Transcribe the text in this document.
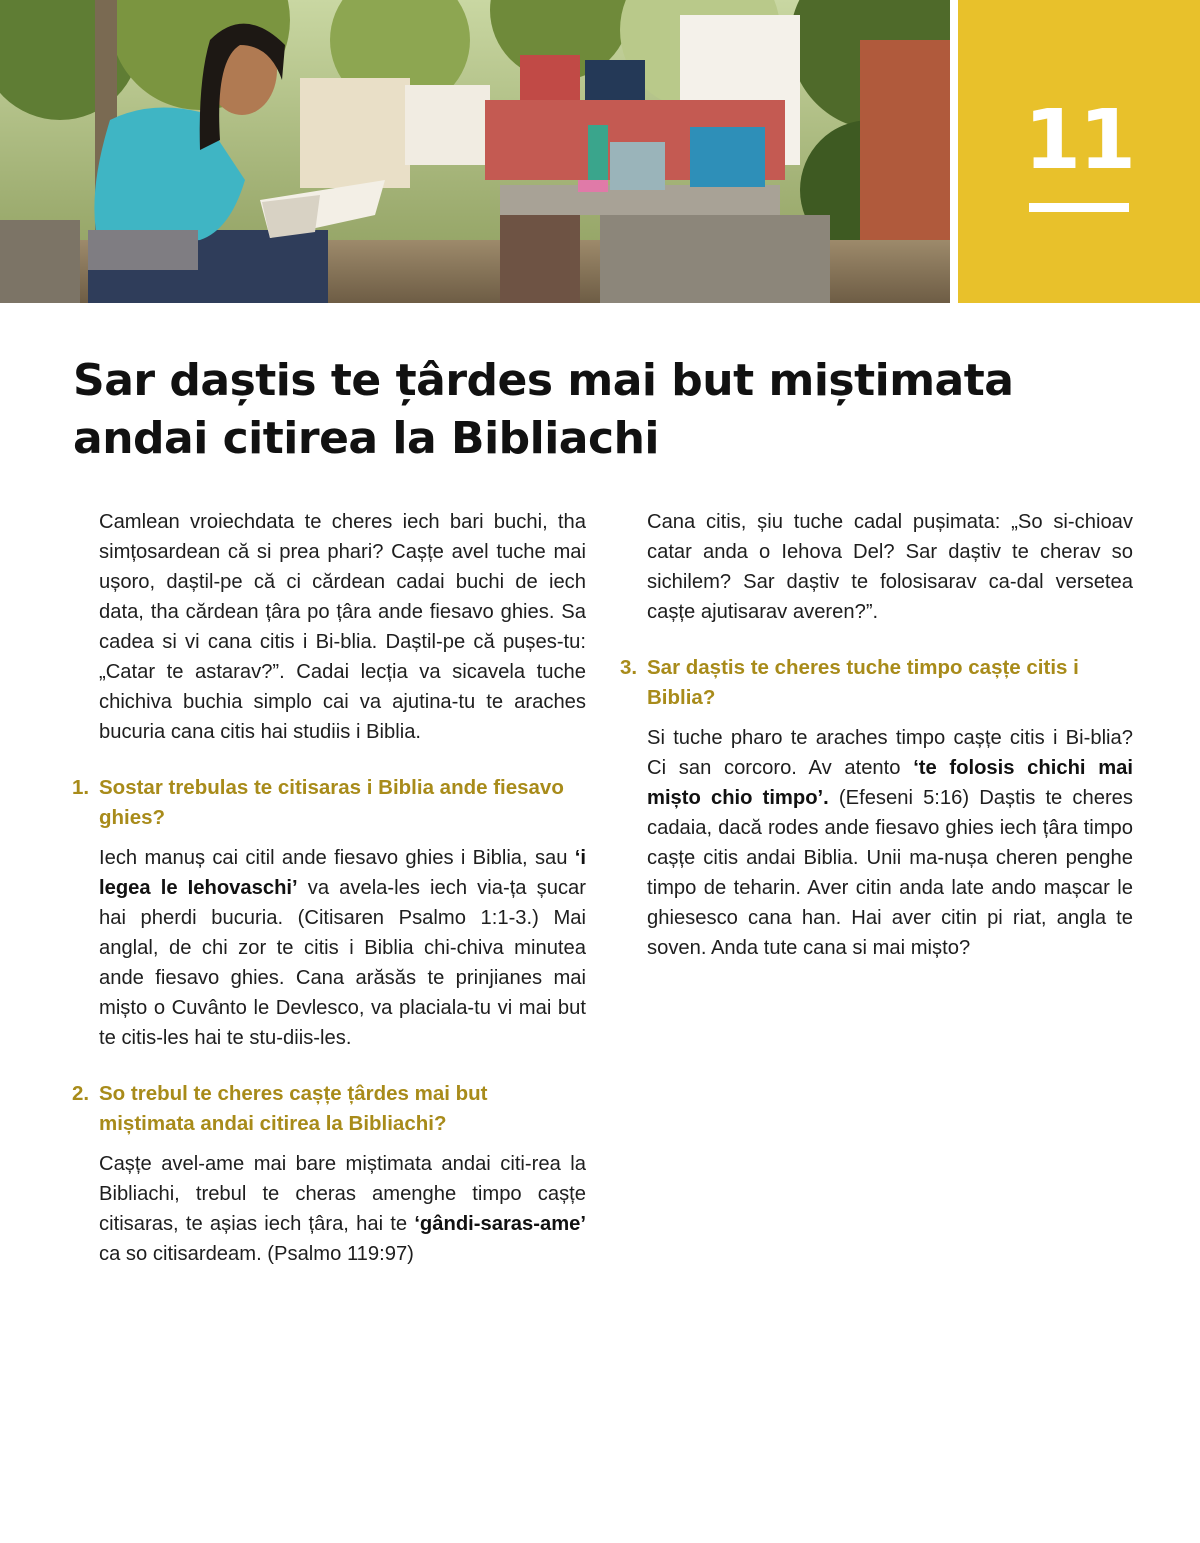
11
Sar daștis te țârdes mai but miștimata andai citirea la Bibliachi

Camlean vroiechdata te cheres iech bari buchi, tha simțosardean că si prea phari? Cașțe avel tuche mai ușoro, daștil-pe că ci cărdean cadai buchi de iech data, tha cărdean țâra po țâra ande fiesavo ghies. Sa cadea si vi cana citis i Bi-blia. Daștil-pe că pușes-tu: „Catar te astarav?”. Cadai lecția va sicavela tuche chichiva buchia simplo cai va ajutina-tu te araches bucuria cana citis hai studiis i Biblia.

1. Sostar trebulas te citisaras i Biblia ande fiesavo ghies?

Iech manuș cai citil ande fiesavo ghies i Biblia, sau ‘i legea le Iehovaschi’ va avela-les iech via-ța șucar hai pherdi bucuria. (Citisaren Psalmo 1:1-3.) Mai anglal, de chi zor te citis i Biblia chi-chiva minutea ande fiesavo ghies. Cana arăsăs te prinjianes mai mișto o Cuvânto le Devlesco, va placiala-tu vi mai but te citis-les hai te stu-diis-les.

2. So trebul te cheres cașțe țârdes mai but miștimata andai citirea la Bibliachi?

Cașțe avel-ame mai bare miștimata andai citi-rea la Bibliachi, trebul te cheras amenghe timpo cașțe citisaras, te așias iech țâra, hai te ‘gândi-saras-ame’ ca so citisardeam. (Psalmo 119:97)

Cana citis, șiu tuche cadal pușimata: „So si-chioav catar anda o Iehova Del? Sar daștiv te cherav so sichilem? Sar daștiv te folosisarav ca-dal versetea cașțe ajutisarav averen?”.

3. Sar daștis te cheres tuche timpo cașțe citis i Biblia?

Si tuche pharo te araches timpo cașțe citis i Bi-blia? Ci san corcoro. Av atento ‘te folosis chichi mai mișto chio timpo’. (Efeseni 5:16) Daștis te cheres cadaia, dacă rodes ande fiesavo ghies iech țâra timpo cașțe citis andai Biblia. Unii ma-nușa cheren penghe timpo de teharin. Aver citin anda late ando mașcar le ghiesesco cana han. Hai aver citin pi riat, angla te soven. Anda tute cana si mai mișto?
